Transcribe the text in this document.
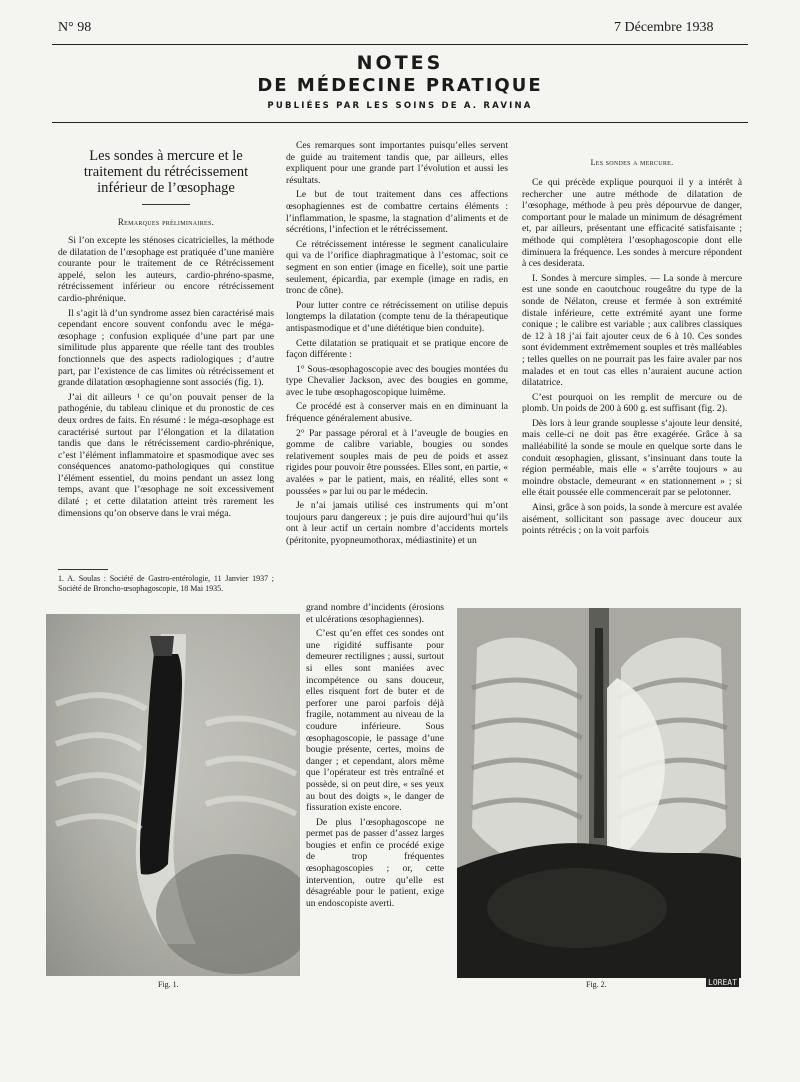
N° 98	7 Décembre 1938
NOTES
DE MÉDECINE PRATIQUE
PUBLIÉES PAR LES SOINS DE A. RAVINA
Les sondes à mercure et le traitement du rétrécissement inférieur de l’œsophage
Remarques préliminaires.

Si l’on excepte les sténoses cicatricielles, la méthode de dilatation de l’œsophage est pratiquée d’une manière courante pour le traitement de ce Rétrécissement appelé, selon les auteurs, cardio-phréno-spasme, rétrécissement inférieur ou encore rétrécissement cardio-phrénique.

Il s’agit là d’un syndrome assez bien caractérisé mais cependant encore souvent confondu avec le méga-œsophage ; confusion expliquée d’une part par une similitude plus apparente que réelle tant des troubles fonctionnels que des aspects radiologiques ; d’autre part, par l’existence de cas limites où rétrécissement et grande dilatation œsophagienne sont associés (fig. 1).

J’ai dit ailleurs ¹ ce qu’on pouvait penser de la pathogénie, du tableau clinique et du pronostic de ces deux ordres de faits. En résumé : le méga-œsophage est caractérisé surtout par l’élongation et la dilatation tandis que dans le rétrécissement cardio-phrénique, c’est l’élément inflammatoire et spasmodique avec ses conséquences anatomo-pathologiques qui constitue l’élément essentiel, du moins pendant un assez long temps, avant que l’œsophage ne soit excessivement dilaté ; et cette dilatation atteint très rarement les dimensions qu’on observe dans le vrai méga.

1. A. Soulas : Société de Gastro-entérologie, 11 Janvier 1937 ; Société de Broncho-œsophagoscopie, 18 Mai 1935.

Ces remarques sont importantes puisqu’elles servent de guide au traitement tandis que, par ailleurs, elles expliquent pour une grande part l’évolution et aussi les résultats.

Le but de tout traitement dans ces affections œsophagiennes est de combattre certains éléments : l’inflammation, le spasme, la stagnation d’aliments et de sécrétions, l’infection et le rétrécissement.

Ce rétrécissement intéresse le segment canaliculaire qui va de l’orifice diaphragmatique à l’estomac, soit ce segment en son entier (image en ficelle), soit une partie seulement, épicardia, par exemple (image en radis, en tronc de cône).

Pour lutter contre ce rétrécissement on utilise depuis longtemps la dilatation (compte tenu de la thérapeutique antispasmodique et d’une diététique bien conduite).

Cette dilatation se pratiquait et se pratique encore de façon différente :

1° Sous-œsophagoscopie avec des bougies montées du type Chevalier Jackson, avec des bougies en gomme, avec le tube œsophagoscopique luimême.

Ce procédé est à conserver mais en en diminuant la fréquence généralement abusive.

2° Par passage péroral et à l’aveugle de bougies en gomme de calibre variable, bougies ou sondes relativement souples mais de peu de poids et assez rigides pour pouvoir être poussées. Elles sont, en partie, « avalées » par le patient, mais, en réalité, elles sont « poussées » par lui ou par le médecin.

Je n’ai jamais utilisé ces instruments qui m’ont toujours paru dangereux ; je puis dire aujourd’hui qu’ils ont à leur actif un certain nombre d’accidents mortels (péritonite, pyopneumothorax, médiastinite) et un

grand nombre d’incidents (érosions et ulcérations œsophagiennes).

C’est qu’en effet ces sondes ont une rigidité suffisante pour demeurer rectilignes ; aussi, surtout si elles sont maniées avec incompétence ou sans douceur, elles risquent fort de buter et de perforer une paroi parfois déjà fragile, notamment au niveau de la coudure inférieure. Sous œsophagoscopie, le passage d’une bougie présente, certes, moins de danger ; et cependant, alors même que l’opérateur est très entraîné et possède, si on peut dire, « ses yeux au bout des doigts », le danger de fissuration existe encore.

De plus l’œsophagoscope ne permet pas de passer d’assez larges bougies et enfin ce procédé exige de trop fréquentes œsophagoscopies ; or, cette intervention, outre qu’elle est désagréable pour le patient, exige un endoscopiste averti.

Les sondes a mercure.

Ce qui précède explique pourquoi il y a intérêt à rechercher une autre méthode de dilatation de l’œsophage, méthode à peu près dépourvue de danger, comportant pour le malade un minimum de désagrément et, par ailleurs, présentant une efficacité satisfaisante ; méthode qui complètera l’œsophagoscopie dont elle diminuera la fréquence. Les sondes à mercure répondent à ces desiderata.

I. Sondes à mercure simples. — La sonde à mercure est une sonde en caoutchouc rougeâtre du type de la sonde de Nélaton, creuse et fermée à son extrémité distale inférieure, cette extrémité ayant une forme conique ; le calibre est variable ; aux calibres classiques de 12 à 18 j’ai fait ajouter ceux de 6 à 10. Ces sondes sont évidemment extrêmement souples et très malléables ; telles quelles on ne pourrait pas les faire avaler par nos malades et en tout cas elles n’auraient aucune action dilatatrice.

C’est pourquoi on les remplit de mercure ou de plomb. Un poids de 200 à 600 g. est suffisant (fig. 2).

Dès lors à leur grande souplesse s’ajoute leur densité, mais celle-ci ne doit pas être exagérée. Grâce à sa malléabilité la sonde se moule en quelque sorte dans le conduit œsophagien, glissant, s’insinuant dans toute la région perméable, mais elle « s’arrête toujours » au moindre obstacle, demeurant « en stationnement » ; si elle était poussée elle commencerait par se pelotonner.

Ainsi, grâce à son poids, la sonde à mercure est avalée aisément, sollicitant son passage avec douceur aux points rétrécis ; on la voit parfois

Fig. 1.	Fig. 2.	LOREAT
